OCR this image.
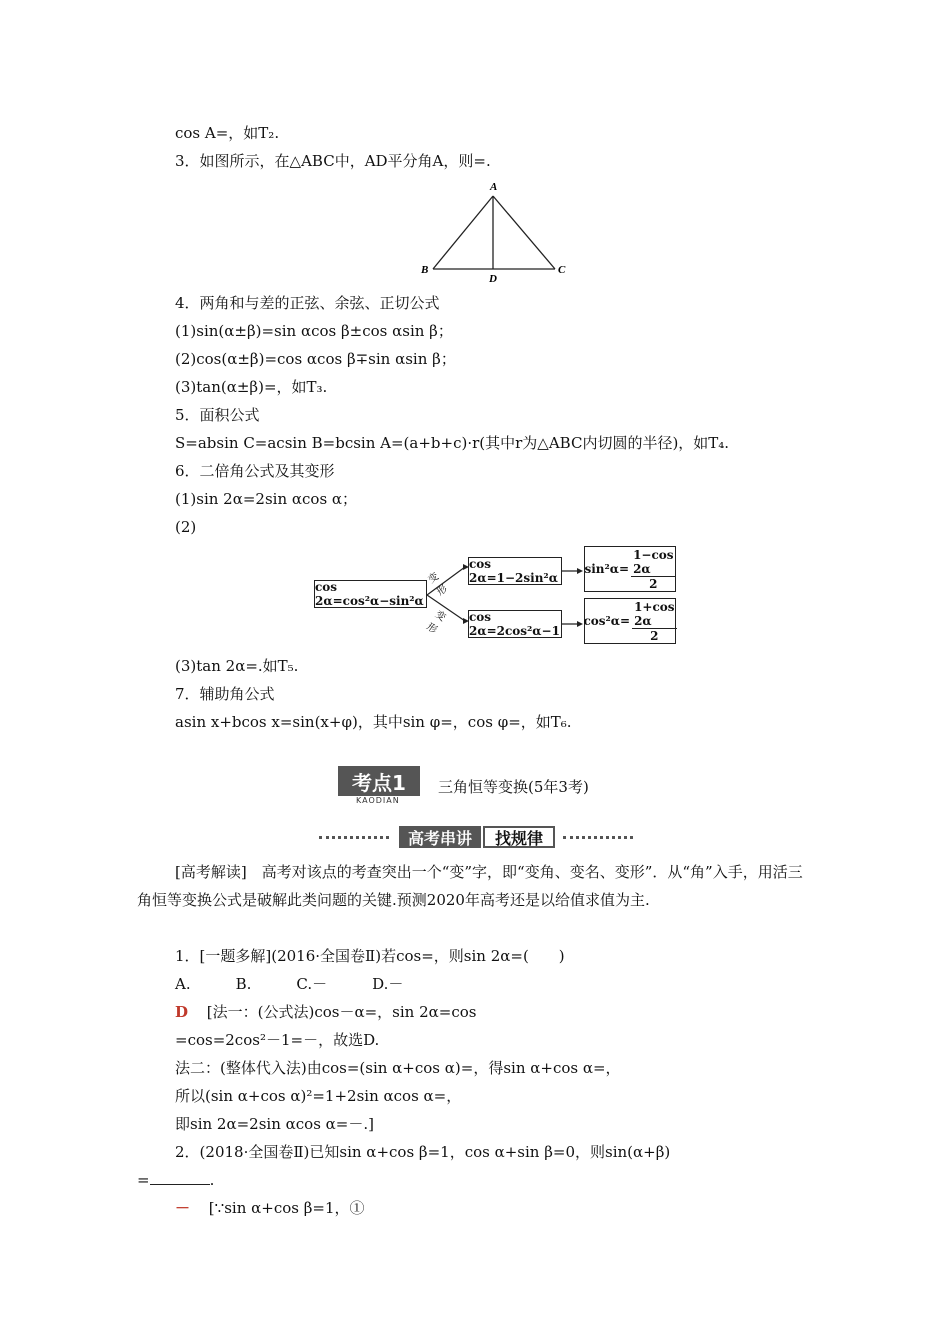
cos A=，如T₂.
3．如图所示，在△ABC中，AD平分角A，则=.
A
B	C
D
4．两角和与差的正弦、余弦、正切公式
(1)sin(α±β)=sin αcos β±cos αsin β；
(2)cos(α±β)=cos αcos β∓sin αsin β；
(3)tan(α±β)=，如T₃.
5．面积公式
S=absin C=acsin B=bcsin A=(a+b+c)·r(其中r为△ABC内切圆的半径)，如T₄.
6．二倍角公式及其变形
(1)sin 2α=2sin αcos α；
(2)
变形
变形
cos 2α=cos²α−sin²α
cos 2α=1−2sin²α
cos 2α=2cos²α−1
$\sin^2\alpha= \frac{1-\cos 2\alpha}{2}$
$\cos^2\alpha= \frac{1+\cos 2\alpha}{2}$
(3)tan 2α=.如T₅.
7．辅助角公式
asin x+bcos x=sin(x+φ)，其中sin φ=，cos φ=，如T₆.
考点1
KAODIAN
三角恒等变换(5年3考)
高考串讲	找规律
[高考解读]　高考对该点的考查突出一个“变”字，即“变角、变名、变形”．从“角”入手，用活三角恒等变换公式是破解此类问题的关键.预测2020年高考还是以给值求值为主.
1．[一题多解](2016·全国卷Ⅱ)若cos=，则sin 2α=(　　)
A.　　　B.　　　C.－　　　D.－
D [法一：(公式法)cos－α=，sin 2α=cos
=cos=2cos²－1=－，故选D.
法二：(整体代入法)由cos=(sin α+cos α)=，得sin α+cos α=，
所以(sin α+cos α)²=1+2sin αcos α=，
即sin 2α=2sin αcos α=－.]
2．(2018·全国卷Ⅱ)已知sin α+cos β=1，cos α+sin β=0，则sin(α+β)
=	.
－ [∵sin α+cos β=1，①
